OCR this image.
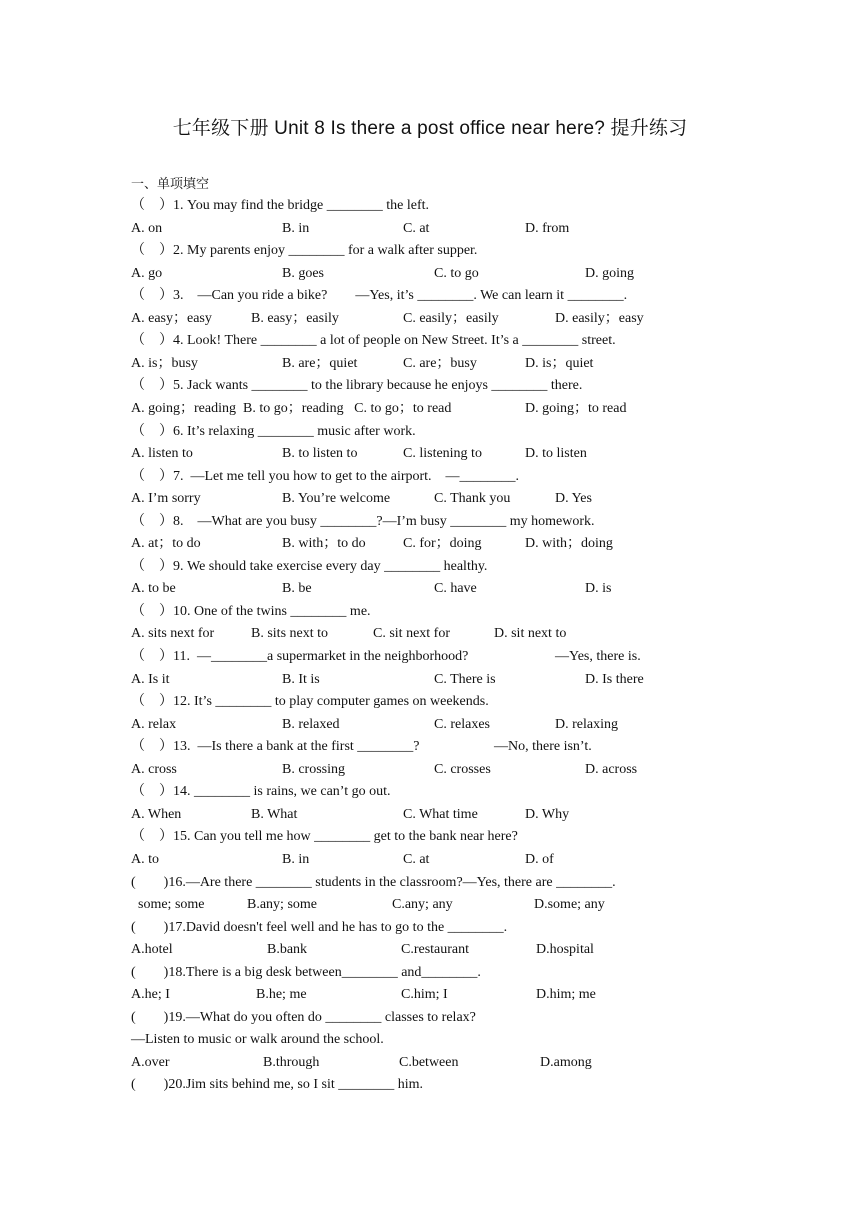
七年级下册 Unit 8 Is there a post office near here? 提升练习
一、单项填空
（    ）1. You may find the bridge ________ the left.
A. on	B. in	C. at	D. from
（    ）2. My parents enjoy ________ for a walk after supper.
A. go	B. goes	C. to go	D. going
（    ）3.    —Can you ride a bike?        —Yes, it’s ________. We can learn it ________.
A. easy；easy	B. easy；easily	C. easily；easily	D. easily；easy
（    ）4. Look! There ________ a lot of people on New Street. It’s a ________ street.
A. is；busy	B. are；quiet	C. are；busy	D. is；quiet
（    ）5. Jack wants ________ to the library because he enjoys ________ there.
A. going；reading  B. to go；reading   C. to go；to read	D. going；to read
（    ）6. It’s relaxing ________ music after work.
A. listen to	B. to listen to	C. listening to	D. to listen
（    ）7.  —Let me tell you how to get to the airport.    —________.
A. I’m sorry	B. You’re welcome	C. Thank you	D. Yes
（    ）8.    —What are you busy ________?—I’m busy ________ my homework.
A. at；to do	B. with；to do	C. for；doing	D. with；doing
（    ）9. We should take exercise every day ________ healthy.
A. to be	B. be	C. have	D. is
（    ）10. One of the twins ________ me.
A. sits next for	B. sits next to	C. sit next for	D. sit next to
（    ）11.  —________a supermarket in the neighborhood?	—Yes, there is.
A. Is it	B. It is	C. There is	D. Is there
（    ）12. It’s ________ to play computer games on weekends.
A. relax	B. relaxed	C. relaxes	D. relaxing
（    ）13.  —Is there a bank at the first ________?	—No, there isn’t.
A. cross	B. crossing	C. crosses	D. across
（    ）14. ________ is rains, we can’t go out.
A. When	B. What	C. What time	D. Why
（    ）15. Can you tell me how ________ get to the bank near here?
A. to	B. in	C. at	D. of
(        )16.—Are there ________ students in the classroom?—Yes, there are ________.
some; some	B.any; some	C.any; any	D.some; any
(        )17.David doesn't feel well and he has to go to the ________.
A.hotel	B.bank	C.restaurant	D.hospital
(        )18.There is a big desk between________ and________.
A.he; I	B.he; me	C.him; I	D.him; me
(        )19.—What do you often do ________ classes to relax?
—Listen to music or walk around the school.
A.over	B.through	C.between	D.among
(        )20.Jim sits behind me, so I sit ________ him.
